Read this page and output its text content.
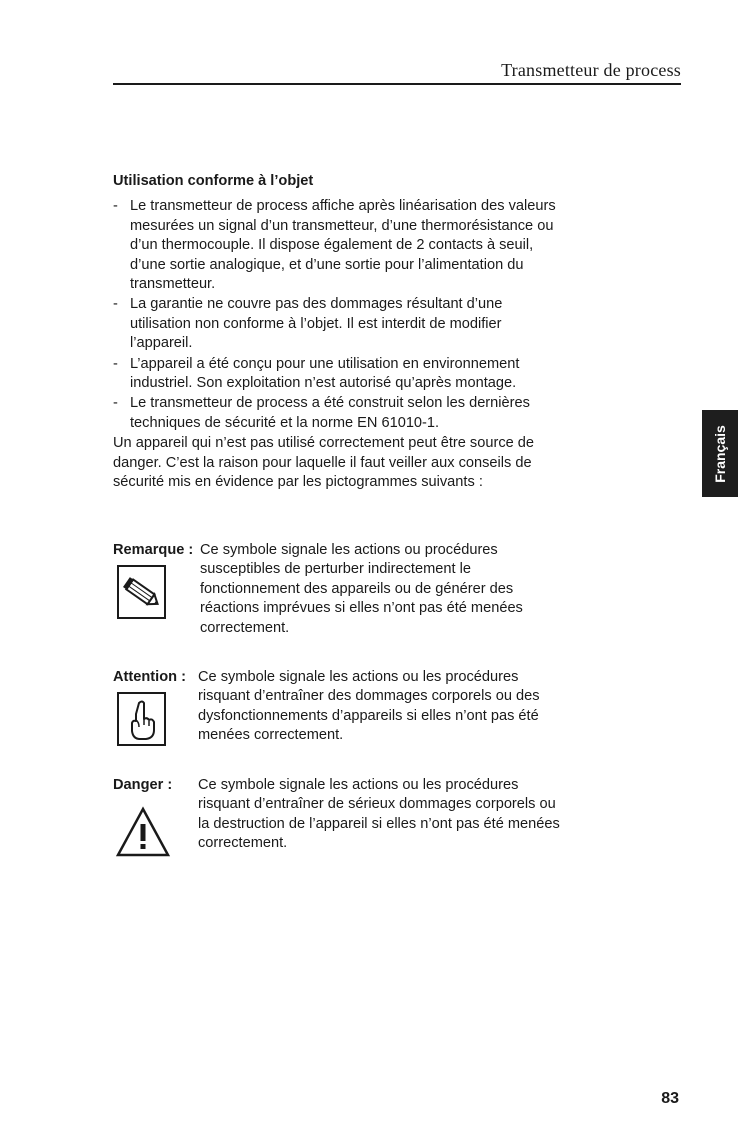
Transmetteur de process
Français

Utilisation conforme à l’objet

- Le transmetteur de process affiche après linéarisation des valeurs mesurées un signal d’un transmetteur, d’une thermorésistance ou d’un thermocouple. Il dispose également de 2 contacts à seuil, d’une sortie analogique, et d’une sortie pour l’alimentation du transmetteur.
- La garantie ne couvre pas des dommages résultant d’une utilisation non conforme à l’objet. Il est interdit de modifier l’appareil.
- L’appareil a été conçu pour une utilisation en environnement industriel. Son exploitation n’est autorisé qu’après montage.
- Le transmetteur de process a été construit selon les dernières techniques de sécurité et la norme EN 61010-1.

Un appareil qui n’est pas utilisé correctement peut être source de danger. C’est la raison pour laquelle il faut veiller aux conseils de sécurité mis en évidence par les pictogrammes suivants :

Remarque : Ce symbole signale les actions ou procédures susceptibles de perturber indirectement le fonctionnement des appareils ou de générer des réactions imprévues si elles n’ont pas été menées correctement.
Attention : Ce symbole signale les actions ou les procédures risquant d’entraîner des dommages corporels ou des dysfonctionnements d’appareils si elles n’ont pas été menées correctement.
Danger : Ce symbole signale les actions ou les procédures risquant d’entraîner de sérieux dommages corporels ou la destruction de l’appareil si elles n’ont pas été menées correctement.
83
